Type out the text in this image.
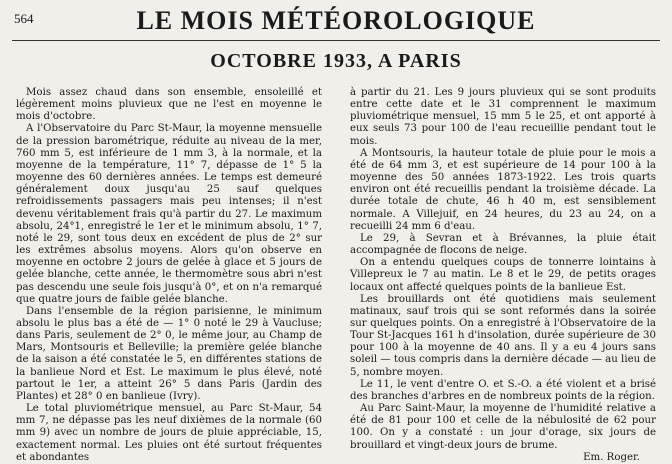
564	LE MOIS MÉTÉOROLOGIQUE
OCTOBRE 1933, A PARIS

Mois assez chaud dans son ensemble, ensoleillé et légèrement moins pluvieux que ne l'est en moyenne le mois d'octobre.

A l'Observatoire du Parc St-Maur, la moyenne mensuelle de la pression barométrique, réduite au niveau de la mer, 760 mm 5, est inférieure de 1 mm 3, à la normale, et la moyenne de la température, 11° 7, dépasse de 1° 5 la moyenne des 60 dernières années. Le temps est demeuré généralement doux jusqu'au 25 sauf quelques refroidissements passagers mais peu intenses; il n'est devenu véritablement frais qu'à partir du 27. Le maximum absolu, 24°1, enregistré le 1er et le minimum absolu, 1° 7, noté le 29, sont tous deux en excédent de plus de 2° sur les extrêmes absolus moyens. Alors qu'on observe en moyenne en octobre 2 jours de gelée à glace et 5 jours de gelée blanche, cette année, le thermomètre sous abri n'est pas descendu une seule fois jusqu'à 0°, et on n'a remarqué que quatre jours de faible gelée blanche.

Dans l'ensemble de la région parisienne, le minimum absolu le plus bas a été de — 1° 0 noté le 29 à Vaucluse; dans Paris, seulement de 2° 0, le même jour, au Champ de Mars, Montsouris et Belleville; la première gelée blanche de la saison a été constatée le 5, en différentes stations de la banlieue Nord et Est. Le maximum le plus élevé, noté partout le 1er, a atteint 26° 5 dans Paris (Jardin des Plantes) et 28° 0 en banlieue (Ivry).

Le total pluviométrique mensuel, au Parc St-Maur, 54 mm 7, ne dépasse pas les neuf dixièmes de la normale (60 mm 9) avec un nombre de jours de pluie appréciable, 15, exactement normal. Les pluies ont été surtout fréquentes et abondantes

à partir du 21. Les 9 jours pluvieux qui se sont produits entre cette date et le 31 comprennent le maximum pluviométrique mensuel, 15 mm 5 le 25, et ont apporté à eux seuls 73 pour 100 de l'eau recueillie pendant tout le mois.

A Montsouris, la hauteur totale de pluie pour le mois a été de 64 mm 3, et est supérieure de 14 pour 100 à la moyenne des 50 années 1873-1922. Les trois quarts environ ont été recueillis pendant la troisième décade. La durée totale de chute, 46 h 40 m, est sensiblement normale. A Villejuif, en 24 heures, du 23 au 24, on a recueilli 24 mm 6 d'eau.

Le 29, à Sevran et à Brévannes, la pluie était accompagnée de flocons de neige.

On a entendu quelques coups de tonnerre lointains à Villepreux le 7 au matin. Le 8 et le 29, de petits orages locaux ont affecté quelques points de la banlieue Est.

Les brouillards ont été quotidiens mais seulement matinaux, sauf trois qui se sont reformés dans la soirée sur quelques points. On a enregistré à l'Observatoire de la Tour St-Jacques 161 h d'insolation, durée supérieure de 30 pour 100 à la moyenne de 40 ans. Il y a eu 4 jours sans soleil — tous compris dans la dernière décade — au lieu de 5, nombre moyen.

Le 11, le vent d'entre O. et S.-O. a été violent et a brisé des branches d'arbres en de nombreux points de la région.

Au Parc Saint-Maur, la moyenne de l'humidité relative a été de 81 pour 100 et celle de la nébulosité de 62 pour 100. On y a constaté : un jour d'orage, six jours de brouillard et vingt-deux jours de brume.

Em. Roger.
